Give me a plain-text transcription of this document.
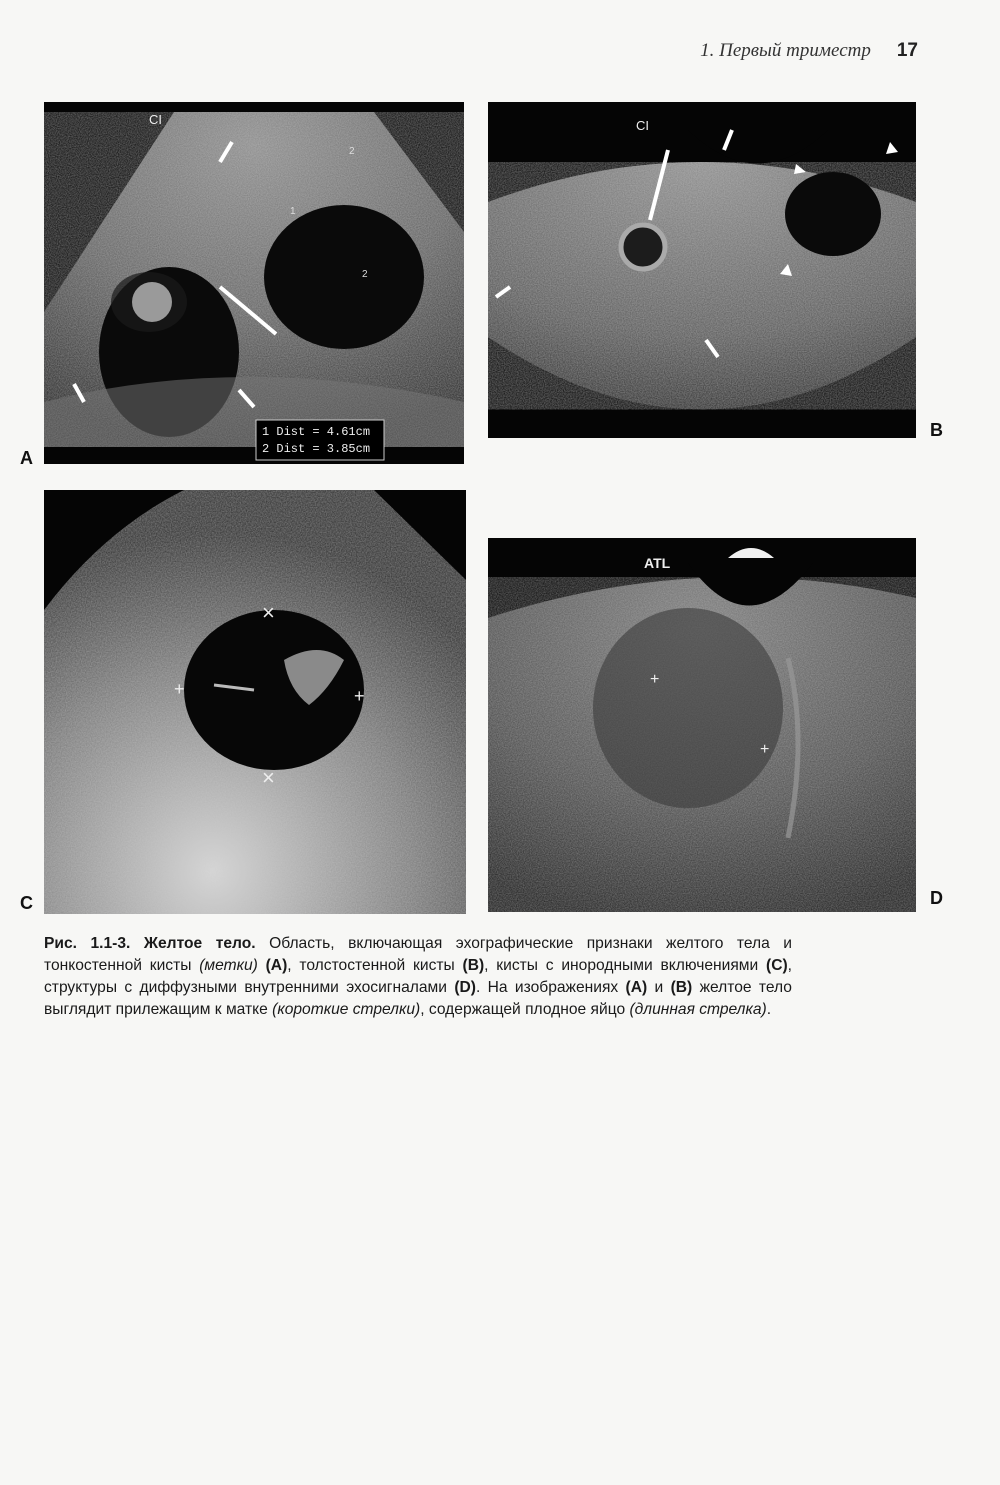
1. Первый триместр 17
CI
2
1
2
1 Dist = 4.61cm
2 Dist = 3.85cm
A
CI
B
×
×
+	+
C
+
+
ATL
D
Рис. 1.1-3. Желтое тело. Область, включающая эхографические признаки желтого тела и тонкостенной кисты (метки) (A), толстостенной кисты (B), кисты с инородными включениями (C), структуры с диффузными внутренними эхосигналами (D). На изображениях (A) и (B) желтое тело выглядит прилежащим к матке (короткие стрелки), содержащей плодное яйцо (длинная стрелка).
